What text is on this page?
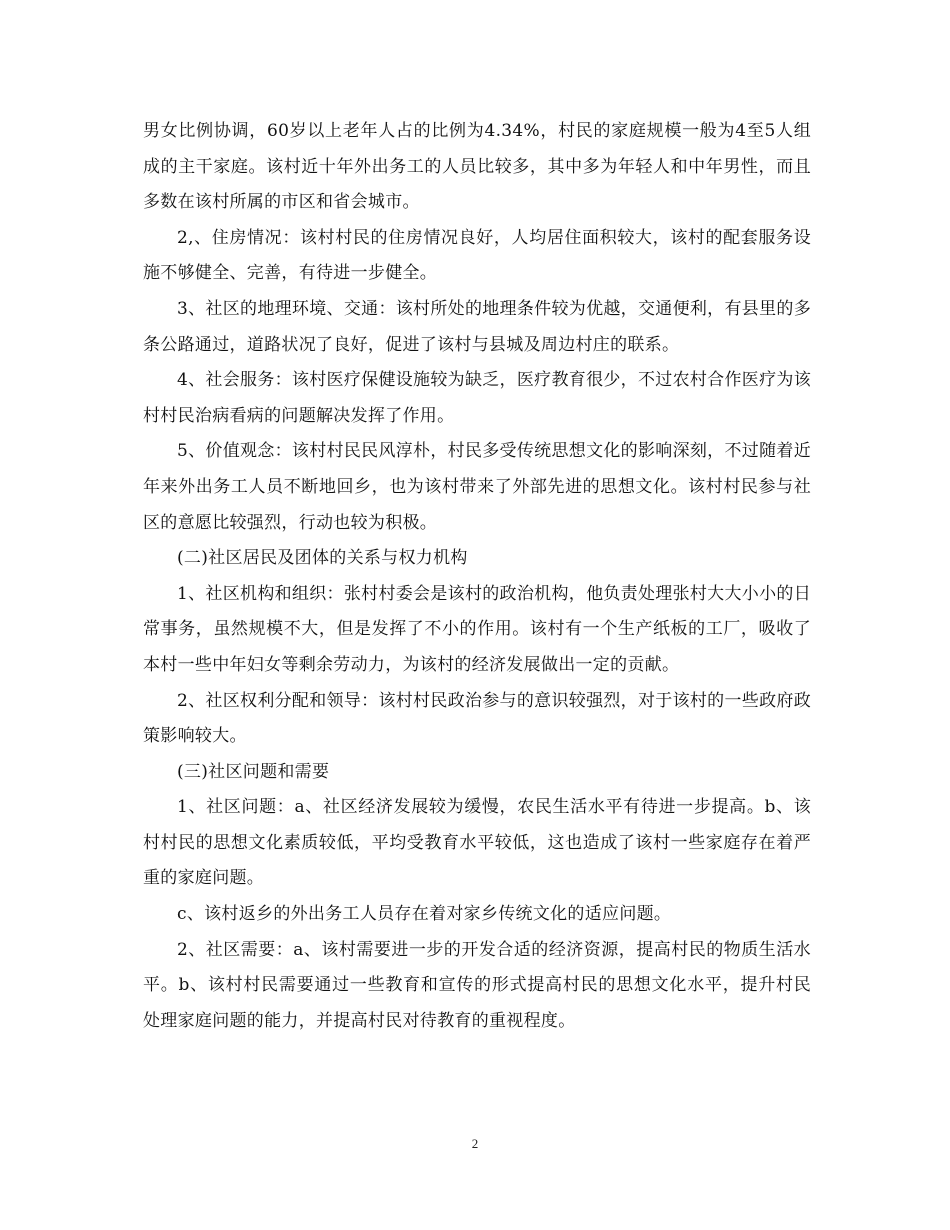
男女比例协调，60岁以上老年人占的比例为4.34%，村民的家庭规模一般为4至5人组成的主干家庭。该村近十年外出务工的人员比较多，其中多为年轻人和中年男性，而且多数在该村所属的市区和省会城市。

2,、住房情况：该村村民的住房情况良好，人均居住面积较大，该村的配套服务设施不够健全、完善，有待进一步健全。

3、社区的地理环境、交通：该村所处的地理条件较为优越，交通便利，有县里的多条公路通过，道路状况了良好，促进了该村与县城及周边村庄的联系。

4、社会服务：该村医疗保健设施较为缺乏，医疗教育很少，不过农村合作医疗为该村村民治病看病的问题解决发挥了作用。

5、价值观念：该村村民民风淳朴，村民多受传统思想文化的影响深刻，不过随着近年来外出务工人员不断地回乡，也为该村带来了外部先进的思想文化。该村村民参与社区的意愿比较强烈，行动也较为积极。

(二)社区居民及团体的关系与权力机构

1、社区机构和组织：张村村委会是该村的政治机构，他负责处理张村大大小小的日常事务，虽然规模不大，但是发挥了不小的作用。该村有一个生产纸板的工厂，吸收了本村一些中年妇女等剩余劳动力，为该村的经济发展做出一定的贡献。

2、社区权利分配和领导：该村村民政治参与的意识较强烈，对于该村的一些政府政策影响较大。

(三)社区问题和需要

1、社区问题：a、社区经济发展较为缓慢，农民生活水平有待进一步提高。b、该村村民的思想文化素质较低，平均受教育水平较低，这也造成了该村一些家庭存在着严重的家庭问题。

c、该村返乡的外出务工人员存在着对家乡传统文化的适应问题。

2、社区需要：a、该村需要进一步的开发合适的经济资源，提高村民的物质生活水平。b、该村村民需要通过一些教育和宣传的形式提高村民的思想文化水平，提升村民处理家庭问题的能力，并提高村民对待教育的重视程度。

2
